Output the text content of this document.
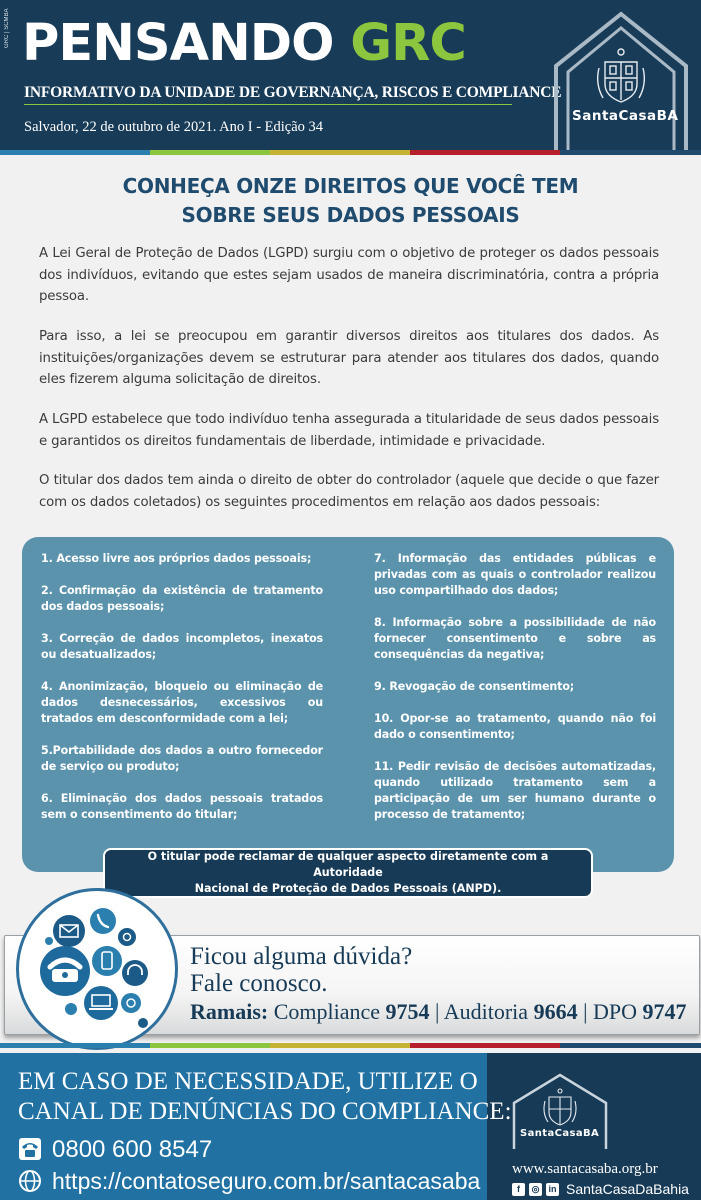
GRC | SCMBA PENSANDO GRC
INFORMATIVO DA UNIDADE DE GOVERNANÇA, RISCOS E COMPLIANCE
Salvador, 22 de outubro de 2021. Ano I - Edição 34
SantaCasaBA
CONHEÇA ONZE DIREITOS QUE VOCÊ TEM
SOBRE SEUS DADOS PESSOAIS
A Lei Geral de Proteção de Dados (LGPD) surgiu com o objetivo de proteger os dados pessoais dos indivíduos, evitando que estes sejam usados de maneira discriminatória, contra a própria pessoa.
Para isso, a lei se preocupou em garantir diversos direitos aos titulares dos dados. As instituições/organizações devem se estruturar para atender aos titulares dos dados, quando eles fizerem alguma solicitação de direitos.
A LGPD estabelece que todo indivíduo tenha assegurada a titularidade de seus dados pessoais e garantidos os direitos fundamentais de liberdade, intimidade e privacidade.
O titular dos dados tem ainda o direito de obter do controlador (aquele que decide o que fazer com os dados coletados) os seguintes procedimentos em relação aos dados pessoais:
1. Acesso livre aos próprios dados pessoais;
2. Confirmação da existência de tratamento dos dados pessoais;
3. Correção de dados incompletos, inexatos ou desatualizados;
4. Anonimização, bloqueio ou eliminação de dados desnecessários, excessivos ou tratados em desconformidade com a lei;
5.Portabilidade dos dados a outro fornecedor de serviço ou produto;
6. Eliminação dos dados pessoais tratados sem o consentimento do titular;
7. Informação das entidades públicas e privadas com as quais o controlador realizou uso compartilhado dos dados;
8. Informação sobre a possibilidade de não fornecer consentimento e sobre as consequências da negativa;
9. Revogação de consentimento;
10. Opor-se ao tratamento, quando não foi dado o consentimento;
11. Pedir revisão de decisões automatizadas, quando utilizado tratamento sem a participação de um ser humano durante o processo de tratamento;
O titular pode reclamar de qualquer aspecto diretamente com a Autoridade
Nacional de Proteção de Dados Pessoais (ANPD).
Ficou alguma dúvida?
Fale conosco.
Ramais: Compliance 9754 | Auditoria 9664 | DPO 9747
EM CASO DE NECESSIDADE, UTILIZE O
CANAL DE DENÚNCIAS DO COMPLIANCE:
0800 600 8547
https://contatoseguro.com.br/santacasaba
SantaCasaBA
www.santacasaba.org.br
f	◎ in SantaCasaDaBahia
